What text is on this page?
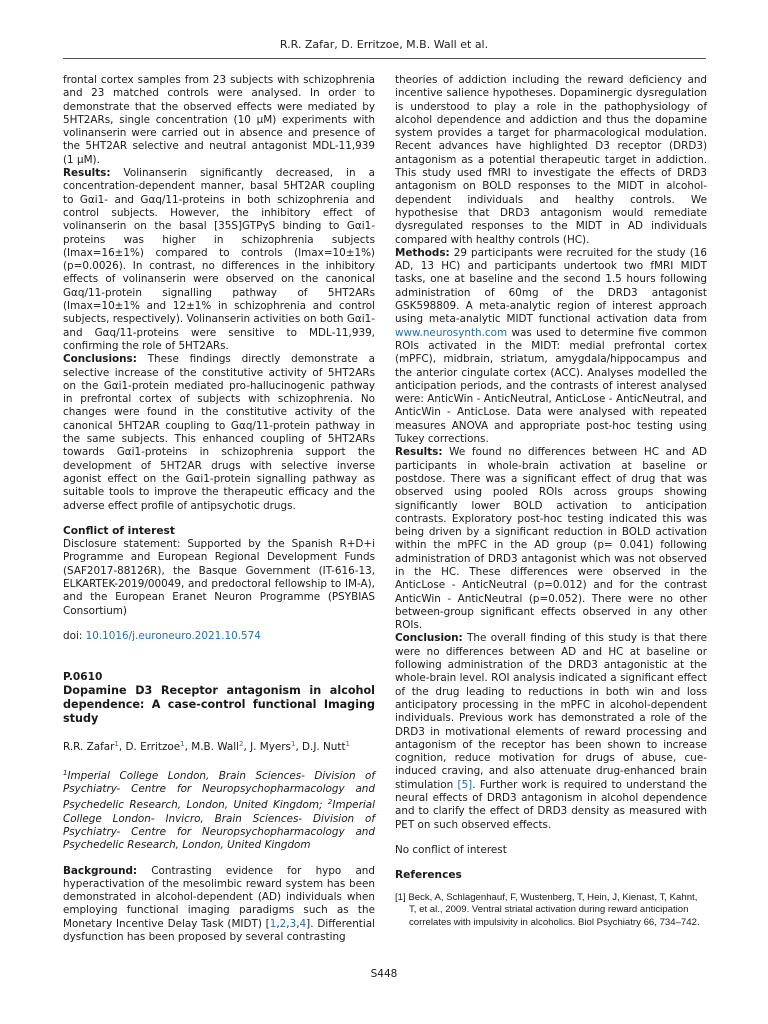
R.R. Zafar, D. Erritzoe, M.B. Wall et al.

frontal cortex samples from 23 subjects with schizophrenia and 23 matched controls were analysed. In order to demonstrate that the observed effects were mediated by 5HT2ARs, single concentration (10 μM) experiments with volinanserin were carried out in absence and presence of the 5HT2AR selective and neutral antagonist MDL-11,939 (1 μM).

Results: Volinanserin significantly decreased, in a concentration-dependent manner, basal 5HT2AR coupling to Gαi1- and Gαq/11-proteins in both schizophrenia and control subjects. However, the inhibitory effect of volinanserin on the basal [35S]GTPγS binding to Gαi1-proteins was higher in schizophrenia subjects (Imax=16±1%) compared to controls (Imax=10±1%) (p=0.0026). In contrast, no differences in the inhibitory effects of volinanserin were observed on the canonical Gαq/11-protein signalling pathway of 5HT2ARs (Imax=10±1% and 12±1% in schizophrenia and control subjects, respectively). Volinanserin activities on both Gαi1- and Gαq/11-proteins were sensitive to MDL-11,939, confirming the role of 5HT2ARs.

Conclusions: These findings directly demonstrate a selective increase of the constitutive activity of 5HT2ARs on the Gαi1-protein mediated pro-hallucinogenic pathway in prefrontal cortex of subjects with schizophrenia. No changes were found in the constitutive activity of the canonical 5HT2AR coupling to Gαq/11-protein pathway in the same subjects. This enhanced coupling of 5HT2ARs towards Gαi1-proteins in schizophrenia support the development of 5HT2AR drugs with selective inverse agonist effect on the Gαi1-protein signalling pathway as suitable tools to improve the therapeutic efficacy and the adverse effect profile of antipsychotic drugs.

Conflict of interest

Disclosure statement: Supported by the Spanish R+D+i Programme and European Regional Development Funds (SAF2017-88126R), the Basque Government (IT-616-13, ELKARTEK-2019/00049, and predoctoral fellowship to IM-A), and the European Eranet Neuron Programme (PSYBIAS Consortium)

doi: 10.1016/j.euroneuro.2021.10.574

P.0610

Dopamine D3 Receptor antagonism in alcohol dependence: A case-control functional Imaging study

R.R. Zafar$^1$, D. Erritzoe$^1$, M.B. Wall$^2$, J. Myers$^1$, D.J. Nutt$^1$

$^1$Imperial College London, Brain Sciences- Division of Psychiatry- Centre for Neuropsychopharmacology and Psychedelic Research, London, United Kingdom; $^2$Imperial College London- Invicro, Brain Sciences- Division of Psychiatry- Centre for Neuropsychopharmacology and Psychedelic Research, London, United Kingdom

Background: Contrasting evidence for hypo and hyperactivation of the mesolimbic reward system has been demonstrated in alcohol-dependent (AD) individuals when employing functional imaging paradigms such as the Monetary Incentive Delay Task (MIDT) [1,2,3,4]. Differential dysfunction has been proposed by several contrasting

theories of addiction including the reward deficiency and incentive salience hypotheses. Dopaminergic dysregulation is understood to play a role in the pathophysiology of alcohol dependence and addiction and thus the dopamine system provides a target for pharmacological modulation. Recent advances have highlighted D3 receptor (DRD3) antagonism as a potential therapeutic target in addiction. This study used fMRI to investigate the effects of DRD3 antagonism on BOLD responses to the MIDT in alcohol-dependent individuals and healthy controls. We hypothesise that DRD3 antagonism would remediate dysregulated responses to the MIDT in AD individuals compared with healthy controls (HC).

Methods: 29 participants were recruited for the study (16 AD, 13 HC) and participants undertook two fMRI MIDT tasks, one at baseline and the second 1.5 hours following administration of 60mg of the DRD3 antagonist GSK598809. A meta-analytic region of interest approach using meta-analytic MIDT functional activation data from www.neurosynth.com was used to determine five common ROIs activated in the MIDT: medial prefrontal cortex (mPFC), midbrain, striatum, amygdala/hippocampus and the anterior cingulate cortex (ACC). Analyses modelled the anticipation periods, and the contrasts of interest analysed were: AnticWin - AnticNeutral, AnticLose - AnticNeutral, and AnticWin - AnticLose. Data were analysed with repeated measures ANOVA and appropriate post-hoc testing using Tukey corrections.

Results: We found no differences between HC and AD participants in whole-brain activation at baseline or postdose. There was a significant effect of drug that was observed using pooled ROIs across groups showing significantly lower BOLD activation to anticipation contrasts. Exploratory post-hoc testing indicated this was being driven by a significant reduction in BOLD activation within the mPFC in the AD group (p= 0.041) following administration of DRD3 antagonist which was not observed in the HC. These differences were observed in the AnticLose - AnticNeutral (p=0.012) and for the contrast AnticWin - AnticNeutral (p=0.052). There were no other between-group significant effects observed in any other ROIs.

Conclusion: The overall finding of this study is that there were no differences between AD and HC at baseline or following administration of the DRD3 antagonistic at the whole-brain level. ROI analysis indicated a significant effect of the drug leading to reductions in both win and loss anticipatory processing in the mPFC in alcohol-dependent individuals. Previous work has demonstrated a role of the DRD3 in motivational elements of reward processing and antagonism of the receptor has been shown to increase cognition, reduce motivation for drugs of abuse, cue-induced craving, and also attenuate drug-enhanced brain stimulation [5]. Further work is required to understand the neural effects of DRD3 antagonism in alcohol dependence and to clarify the effect of DRD3 density as measured with PET on such observed effects.

No conflict of interest

References

[1] Beck, A, Schlagenhauf, F, Wustenberg, T, Hein, J, Kienast, T, Kahnt, T, et al., 2009. Ventral striatal activation during reward anticipation correlates with impulsivity in alcoholics. Biol Psychiatry 66, 734–742.

S448
